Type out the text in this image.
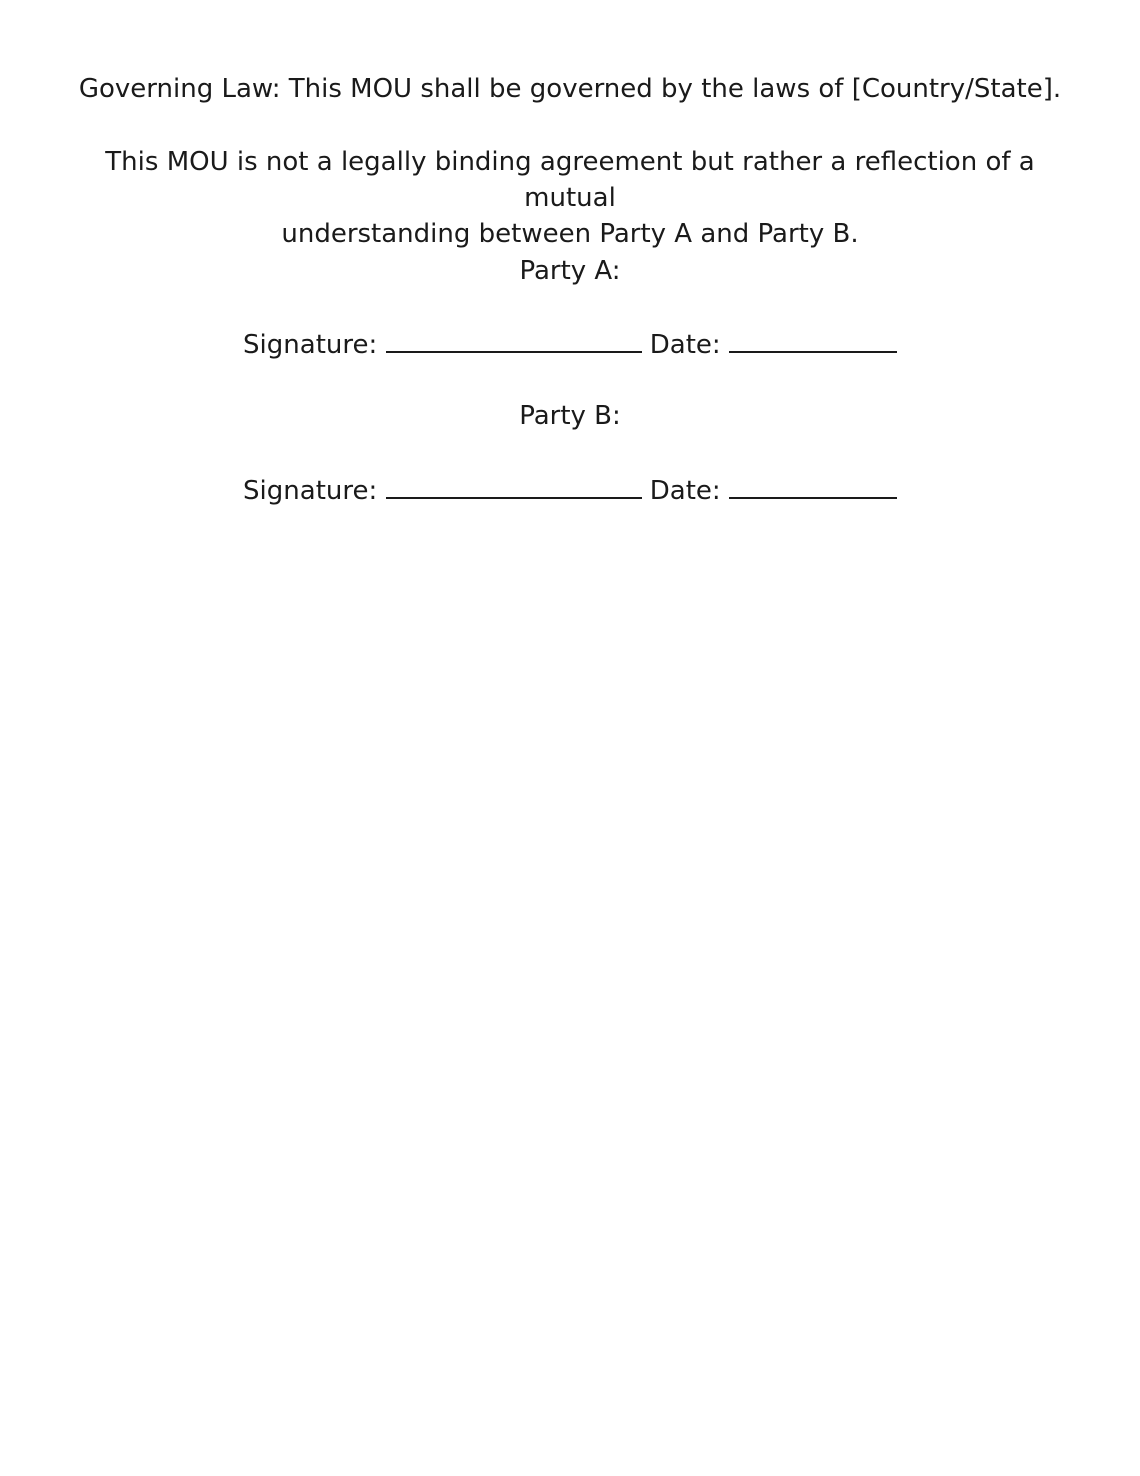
Governing Law: This MOU shall be governed by the laws of [Country/State].

This MOU is not a legally binding agreement but rather a reflection of a mutual
understanding between Party A and Party B.

Party A:

Signature:	Date:

Party B:

Signature:	Date:
